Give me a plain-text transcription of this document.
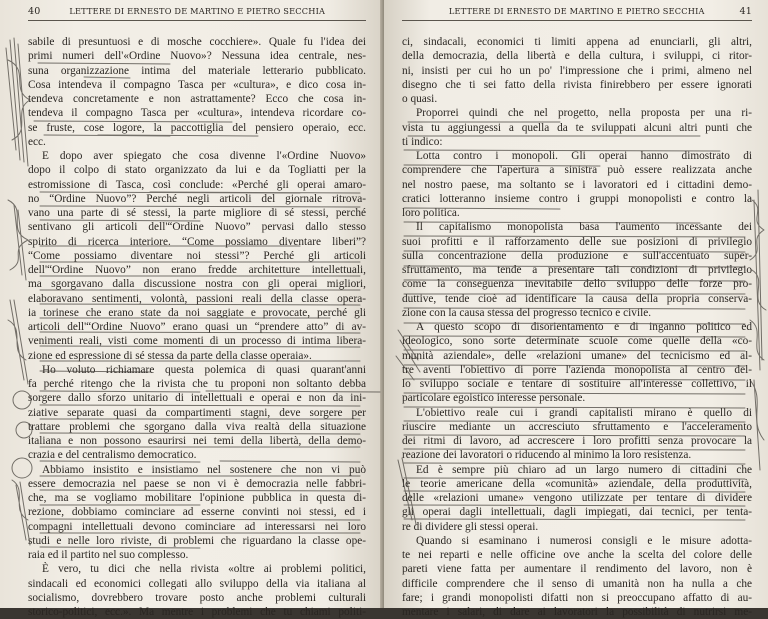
40	LETTERE DI ERNESTO DE MARTINO E PIETRO SECCHIA
sabile di presuntuosi e di mosche cocchiere». Quale fu l'idea dei
primi numeri dell'«Ordine Nuovo»? Nessuna idea centrale, nes-
suna organizzazione intima del materiale letterario pubblicato.
Cosa intendeva il compagno Tasca per «cultura», e dico cosa in-
tendeva concretamente e non astrattamente? Ecco che cosa in-
tendeva il compagno Tasca per «cultura», intendeva ricordare co-
se fruste, cose logore, la paccottiglia del pensiero operaio, ecc.
ecc.
E dopo aver spiegato che cosa divenne l'«Ordine Nuovo»
dopo il colpo di stato organizzato da lui e da Togliatti per la
estromissione di Tasca, così conclude: «Perché gli operai amaro-
no “Ordine Nuovo”? Perché negli articoli del giornale ritrova-
vano una parte di sé stessi, la parte migliore di sé stessi, perché
sentivano gli articoli dell'“Ordine Nuovo” pervasi dallo stesso
spirito di ricerca interiore. “Come possiamo diventare liberi”?
“Come possiamo diventare noi stessi”? Perché gli articoli
dell'“Ordine Nuovo” non erano fredde architetture intellettuali,
ma sgorgavano dalla discussione nostra con gli operai migliori,
elaboravano sentimenti, volontà, passioni reali della classe opera-
ia torinese che erano state da noi saggiate e provocate, perché gli
articoli dell'“Ordine Nuovo” erano quasi un “prendere atto” di av-
venimenti reali, visti come momenti di un processo di intima libera-
zione ed espressione di sé stessa da parte della classe operaia».
Ho voluto richiamare questa polemica di quasi quarant'anni
fa perché ritengo che la rivista che tu proponi non soltanto debba
sorgere dallo sforzo unitario di intellettuali e operai e non da ini-
ziative separate quasi da compartimenti stagni, deve sorgere per
trattare problemi che sgorgano dalla viva realtà della situazione
italiana e non possono esaurirsi nei temi della libertà, della demo-
crazia e del centralismo democratico.
Abbiamo insistito e insistiamo nel sostenere che non vi può
essere democrazia nel paese se non vi è democrazia nelle fabbri-
che, ma se vogliamo mobilitare l'opinione pubblica in questa di-
rezione, dobbiamo cominciare ad esserne convinti noi stessi, ed i
compagni intellettuali devono cominciare ad interessarsi nei loro
studi e nelle loro riviste, di problemi che riguardano la classe ope-
raia ed il partito nel suo complesso.
È vero, tu dici che nella rivista «oltre ai problemi politici,
sindacali ed economici collegati allo sviluppo della via italiana al
socialismo, dovrebbero trovare posto anche problemi culturali
storico-politici, ecc.». Ma mentre i problemi che tu chiami politi-
LETTERE DI ERNESTO DE MARTINO E PIETRO SECCHIA	41
ci, sindacali, economici ti limiti appena ad enunciarli, gli altri,
della democrazia, della libertà e della cultura, i sviluppi, ci ritor-
ni, insisti per cui ho un po' l'impressione che i primi, almeno nel
disegno che ti sei fatto della rivista finirebbero per essere ignorati
o quasi.
Proporrei quindi che nel progetto, nella proposta per una ri-
vista tu aggiungessi a quella da te sviluppati alcuni altri punti che
ti indico:
Lotta contro i monopoli. Gli operai hanno dimostrato di
comprendere che l'apertura a sinistra può essere realizzata anche
nel nostro paese, ma soltanto se i lavoratori ed i cittadini demo-
cratici lotteranno insieme contro i gruppi monopolisti e contro la
loro politica.
Il capitalismo monopolista basa l'aumento incessante dei
suoi profitti e il rafforzamento delle sue posizioni di privilegio
sulla concentrazione della produzione e sull'accentuato super-
sfruttamento, ma tende a presentare tali condizioni di privilegio
come la conseguenza inevitabile dello sviluppo delle forze pro-
duttive, tende cioè ad identificare la causa della propria conserva-
zione con la causa stessa del progresso tecnico e civile.
A questo scopo di disorientamento e di inganno politico ed
ideologico, sono sorte determinate scuole come quelle della «co-
munità aziendale», delle «relazioni umane» del tecnicismo ed al-
tre aventi l'obiettivo di porre l'azienda monopolista al centro del-
lo sviluppo sociale e tentare di sostituire all'interesse collettivo, il
particolare egoistico interesse personale.
L'obiettivo reale cui i grandi capitalisti mirano è quello di
riuscire mediante un accresciuto sfruttamento e l'acceleramento
dei ritmi di lavoro, ad accrescere i loro profitti senza provocare la
reazione dei lavoratori o riducendo al minimo la loro resistenza.
Ed è sempre più chiaro ad un largo numero di cittadini che
le teorie americane della «comunità» aziendale, della produttività,
delle «relazioni umane» vengono utilizzate per tentare di dividere
gli operai dagli intellettuali, dagli impiegati, dai tecnici, per tenta-
re di dividere gli stessi operai.
Quando si esaminano i numerosi consigli e le misure adotta-
te nei reparti e nelle officine ove anche la scelta del colore delle
pareti viene fatta per aumentare il rendimento del lavoro, non è
difficile comprendere che il senso di umanità non ha nulla a che
fare; i grandi monopolisti difatti non si preoccupano affatto di au-
mentare i salari, di dare ai lavoratori la possibilità di nutrirsi me-
